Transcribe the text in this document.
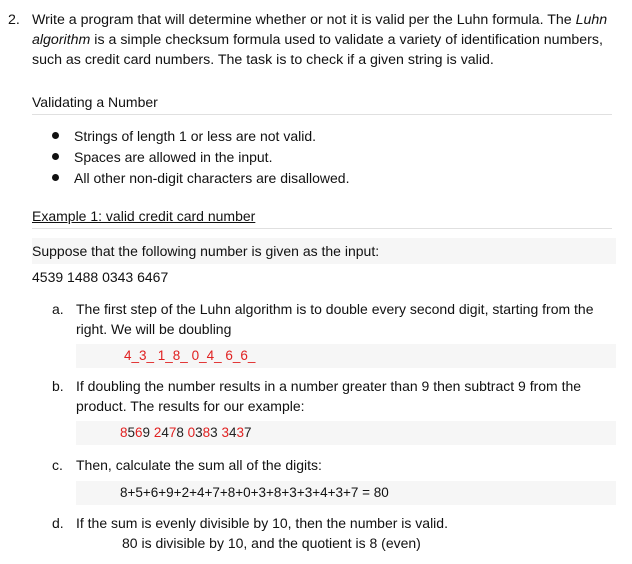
2. Write a program that will determine whether or not it is valid per the Luhn formula. The Luhn
algorithm is a simple checksum formula used to validate a variety of identification numbers,
such as credit card numbers. The task is to check if a given string is valid.
Validating a Number
Strings of length 1 or less are not valid.
Spaces are allowed in the input.
All other non-digit characters are disallowed.
Example 1: valid credit card number
Suppose that the following number is given as the input:
4539 1488 0343 6467
a. The first step of the Luhn algorithm is to double every second digit, starting from the
right. We will be doubling
4_3_ 1_8_ 0_4_ 6_6_
b. If doubling the number results in a number greater than 9 then subtract 9 from the
product. The results for our example:
8569 2478 0383 3437
c. Then, calculate the sum all of the digits:
8+5+6+9+2+4+7+8+0+3+8+3+3+4+3+7 = 80
d. If the sum is evenly divisible by 10, then the number is valid.
80 is divisible by 10, and the quotient is 8 (even)
